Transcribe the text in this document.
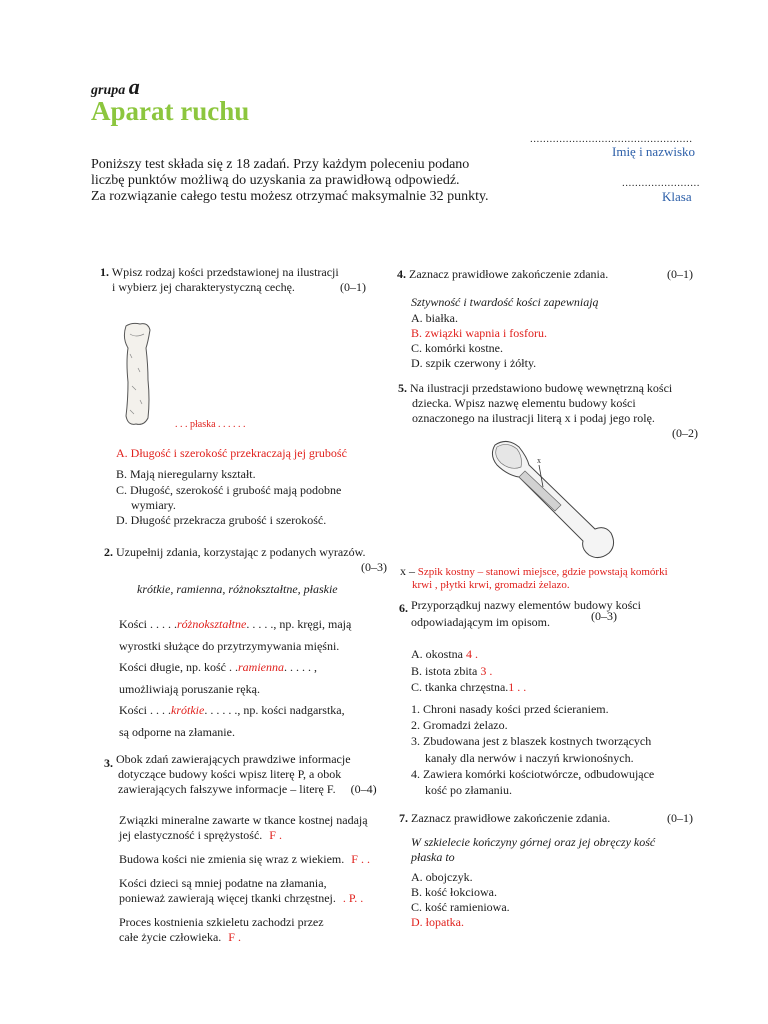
grupa a
Aparat ruchu
..................................................
Imię i nazwisko
........................
Klasa
Poniższy test składa się z 18 zadań. Przy każdym poleceniu podano
liczbę punktów możliwą do uzyskania za prawidłową odpowiedź.
Za rozwiązanie całego testu możesz otrzymać maksymalnie 32 punkty.
1. Wpisz rodzaj kości przedstawionej na ilustracji
i wybierz jej charakterystyczną cechę.	(0–1)
. . . płaska . . . . . .
A. Długość i szerokość przekraczają jej grubość
B. Mają nieregularny kształt.
C. Długość, szerokość i grubość mają podobne
wymiary.
D. Długość przekracza grubość i szerokość.
2. Uzupełnij zdania, korzystając z podanych wyrazów.
(0–3)
krótkie, ramienna, różnokształtne, płaskie
Kości . . . . .różnokształtne. . . . ., np. kręgi, mają
wyrostki służące do przytrzymywania mięśni.
Kości długie, np. kość . .ramienna. . . . . ,
umożliwiają poruszanie ręką.
Kości . . . .krótkie. . . . . ., np. kości nadgarstka,
są odporne na złamanie.
3. Obok zdań zawierających prawdziwe informacje
dotyczące budowy kości wpisz literę P, a obok
zawierających fałszywe informacje – literę F. (0–4)
Związki mineralne zawarte w tkance kostnej nadają
jej elastyczność i sprężystość. F .
Budowa kości nie zmienia się wraz z wiekiem. F . .
Kości dzieci są mniej podatne na złamania,
ponieważ zawierają więcej tkanki chrzęstnej. . P. .
Proces kostnienia szkieletu zachodzi przez
całe życie człowieka. F .
4. Zaznacz prawidłowe zakończenie zdania.	(0–1)
Sztywność i twardość kości zapewniają
A. białka.
B. związki wapnia i fosforu.
C. komórki kostne.
D. szpik czerwony i żółty.
5. Na ilustracji przedstawiono budowę wewnętrzną kości
dziecka. Wpisz nazwę elementu budowy kości
oznaczonego na ilustracji literą x i podaj jego rolę.
(0–2)
x
x – Szpik kostny – stanowi miejsce, gdzie powstają komórki
krwi , płytki krwi, gromadzi żelazo.
6. Przyporządkuj nazwy elementów budowy kości
odpowiadającym im opisom.	(0–3)
A. okostna 4 .
B. istota zbita 3 .
C. tkanka chrzęstna.1 . .
1. Chroni nasady kości przed ścieraniem.
2. Gromadzi żelazo.
3. Zbudowana jest z blaszek kostnych tworzących
kanały dla nerwów i naczyń krwionośnych.
4. Zawiera komórki kościotwórcze, odbudowujące
kość po złamaniu.
7. Zaznacz prawidłowe zakończenie zdania.	(0–1)
W szkielecie kończyny górnej oraz jej obręczy kość
płaska to
A. obojczyk.
B. kość łokciowa.
C. kość ramieniowa.
D. łopatka.
